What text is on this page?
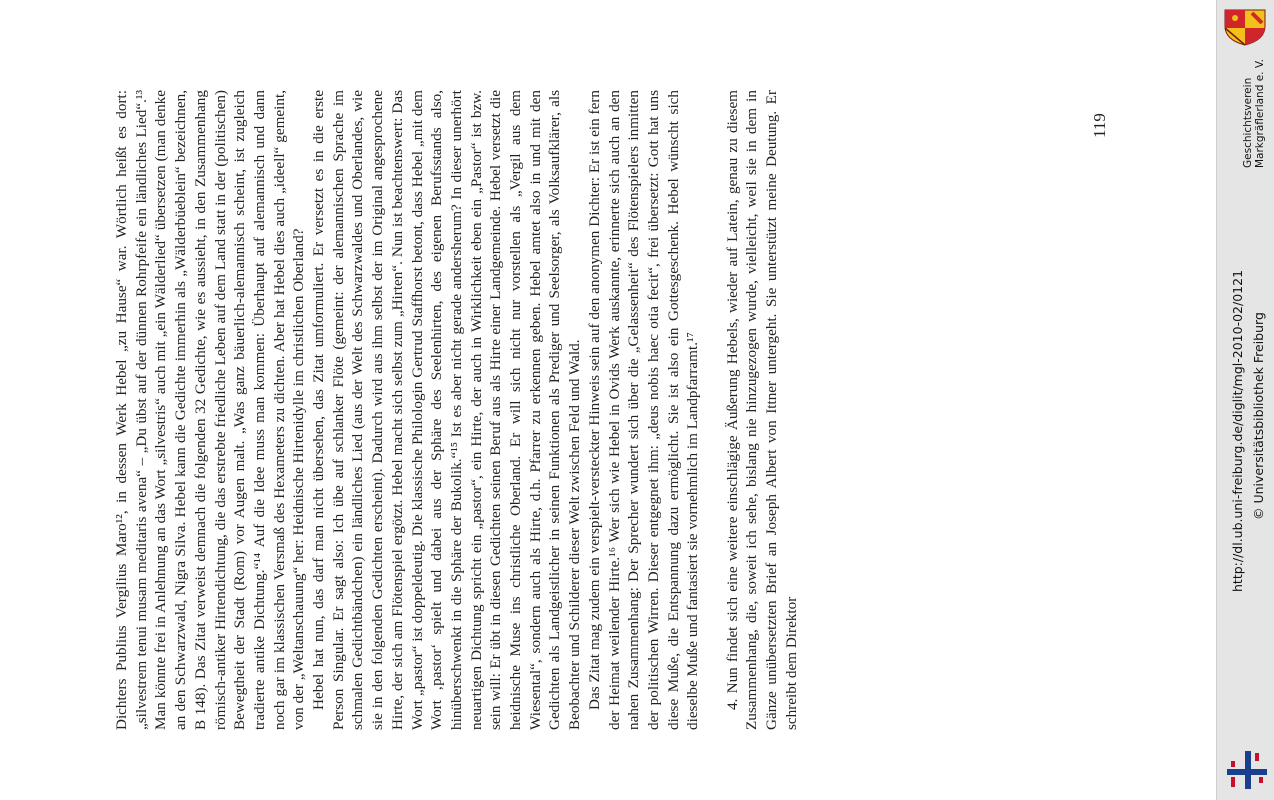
Dichters Publius Vergilius Maro¹², in dessen Werk Hebel „zu Hause“ war. Wörtlich heißt es dort: „silvestrem tenui musam meditaris avena“ – „Du übst auf der dünnen Rohrpfeife ein ländliches Lied“.¹³ Man könnte frei in Anlehnung an das Wort „silvestris“ auch mit „ein Wälderlied“ übersetzen (man denke an den Schwarzwald, Nigra Silva. Hebel kann die Gedichte immerhin als „Wälderbüeblein“ bezeichnen, B 148). Das Zitat verweist demnach die folgenden 32 Gedichte, wie es aussieht, in den Zusammenhang römisch-antiker Hirtendichtung, die das erstrebte friedliche Leben auf dem Land statt in der (politischen) Bewegtheit der Stadt (Rom) vor Augen malt. „Was ganz bäuerlich-alemannisch scheint, ist zugleich tradierte antike Dichtung.“¹⁴ Auf die Idee muss man kommen: Überhaupt auf alemannisch und dann noch gar im klassischen Versmaß des Hexameters zu dichten. Aber hat Hebel dies auch „ideell“ gemeint, von der „Weltanschauung“ her: Heidnische Hirtenidylle im christlichen Oberland? Hebel hat nun, das darf man nicht übersehen, das Zitat umformuliert. Er versetzt es in die erste Person Singular. Er sagt also: Ich übe auf schlanker Flöte (gemeint: der alemannischen Sprache im schmalen Gedichtbändchen) ein ländliches Lied (aus der Welt des Schwarzwaldes und Oberlandes, wie sie in den folgenden Gedichten erscheint). Dadurch wird aus ihm selbst der im Original angesprochene Hirte, der sich am Flötenspiel ergötzt. Hebel macht sich selbst zum „Hirten“. Nun ist beachtenswert: Das Wort „pastor“ ist doppeldeutig. Die klassische Philologin Gertrud Staffhorst betont, dass Hebel „mit dem Wort ‚pastor‘ spielt und dabei aus der Sphäre des Seelenhirten, des eigenen Berufsstands also, hinüberschwenkt in die Sphäre der Bukolik.“¹⁵ Ist es aber nicht gerade andersherum? In dieser unerhört neuartigen Dichtung spricht ein „pastor“, ein Hirte, der auch in Wirklichkeit eben ein „Pastor“ ist bzw. sein will: Er übt in diesen Gedichten seinen Beruf aus als Hirte einer Landgemeinde. Hebel versetzt die heidnische Muse ins christliche Oberland. Er will sich nicht nur vorstellen als „Vergil aus dem Wiesental“, sondern auch als Hirte, d.h. Pfarrer zu erkennen geben. Hebel amtet also in und mit den Gedichten als Landgeistlicher in seinen Funktionen als Prediger und Seelsorger, als Volksaufklärer, als Beobachter und Schilderer dieser Welt zwischen Feld und Wald. Das Zitat mag zudem ein verspielt-versteckter Hinweis sein auf den anonymen Dichter: Er ist ein fern der Heimat weilender Hirte.¹⁶ Wer sich wie Hebel in Ovids Werk auskannte, erinnerte sich auch an den nahen Zusammenhang: Der Sprecher wundert sich über die „Gelassenheit“ des Flötenspielers inmitten der politischen Wirren. Dieser entgegnet ihm: „deus nobis haec otia fecit“, frei übersetzt: Gott hat uns diese Muße, die Entspannung dazu ermöglicht. Sie ist also ein Gottesgeschenk. Hebel wünscht sich dieselbe Muße und fantasiert sie vornehmlich im Landpfarramt.¹⁷ 4. Nun findet sich eine weitere einschlägige Äußerung Hebels, wieder auf Latein, genau zu diesem Zusammenhang, die, soweit ich sehe, bislang nie hinzugezogen wurde, vielleicht, weil sie in dem in Gänze unübersetzten Brief an Joseph Albert von Ittner untergeht. Sie unterstützt meine Deutung. Er schreibt dem Direktor

119	Geschichtsverein Markgräflerland e. V.
http://dl.ub.uni-freiburg.de/diglit/mgl-2010-02/0121 © Universitätsbibliothek Freiburg
